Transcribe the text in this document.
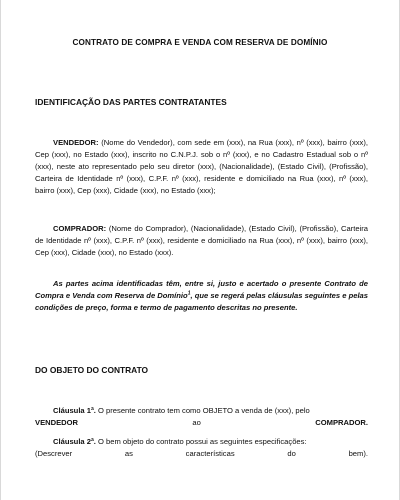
CONTRATO DE COMPRA E VENDA COM RESERVA DE DOMÍNIO
IDENTIFICAÇÃO DAS PARTES CONTRATANTES
VENDEDOR: (Nome do Vendedor), com sede em (xxx), na Rua (xxx), nº (xxx), bairro (xxx), Cep (xxx), no Estado (xxx), inscrito no C.N.P.J. sob o nº (xxx), e no Cadastro Estadual sob o nº (xxx), neste ato representado pelo seu diretor (xxx), (Nacionalidade), (Estado Civil), (Profissão), Carteira de Identidade nº (xxx), C.P.F. nº (xxx), residente e domiciliado na Rua (xxx), nº (xxx), bairro (xxx), Cep (xxx), Cidade (xxx), no Estado (xxx);
COMPRADOR: (Nome do Comprador), (Nacionalidade), (Estado Civil), (Profissão), Carteira de Identidade nº (xxx), C.P.F. nº (xxx), residente e domiciliado na Rua (xxx), nº (xxx), bairro (xxx), Cep (xxx), Cidade (xxx), no Estado (xxx).
As partes acima identificadas têm, entre si, justo e acertado o presente Contrato de Compra e Venda com Reserva de Domínio$^1$, que se regerá pelas cláusulas seguintes e pelas condições de preço, forma e termo de pagamento descritas no presente.
DO OBJETO DO CONTRATO
Cláusula 1ª. O presente contrato tem como OBJETO a venda de (xxx), pelo
VENDEDOR	ao	COMPRADOR.
Cláusula 2ª. O bem objeto do contrato possui as seguintes especificações:
(Descrever	as	características	do	bem).
